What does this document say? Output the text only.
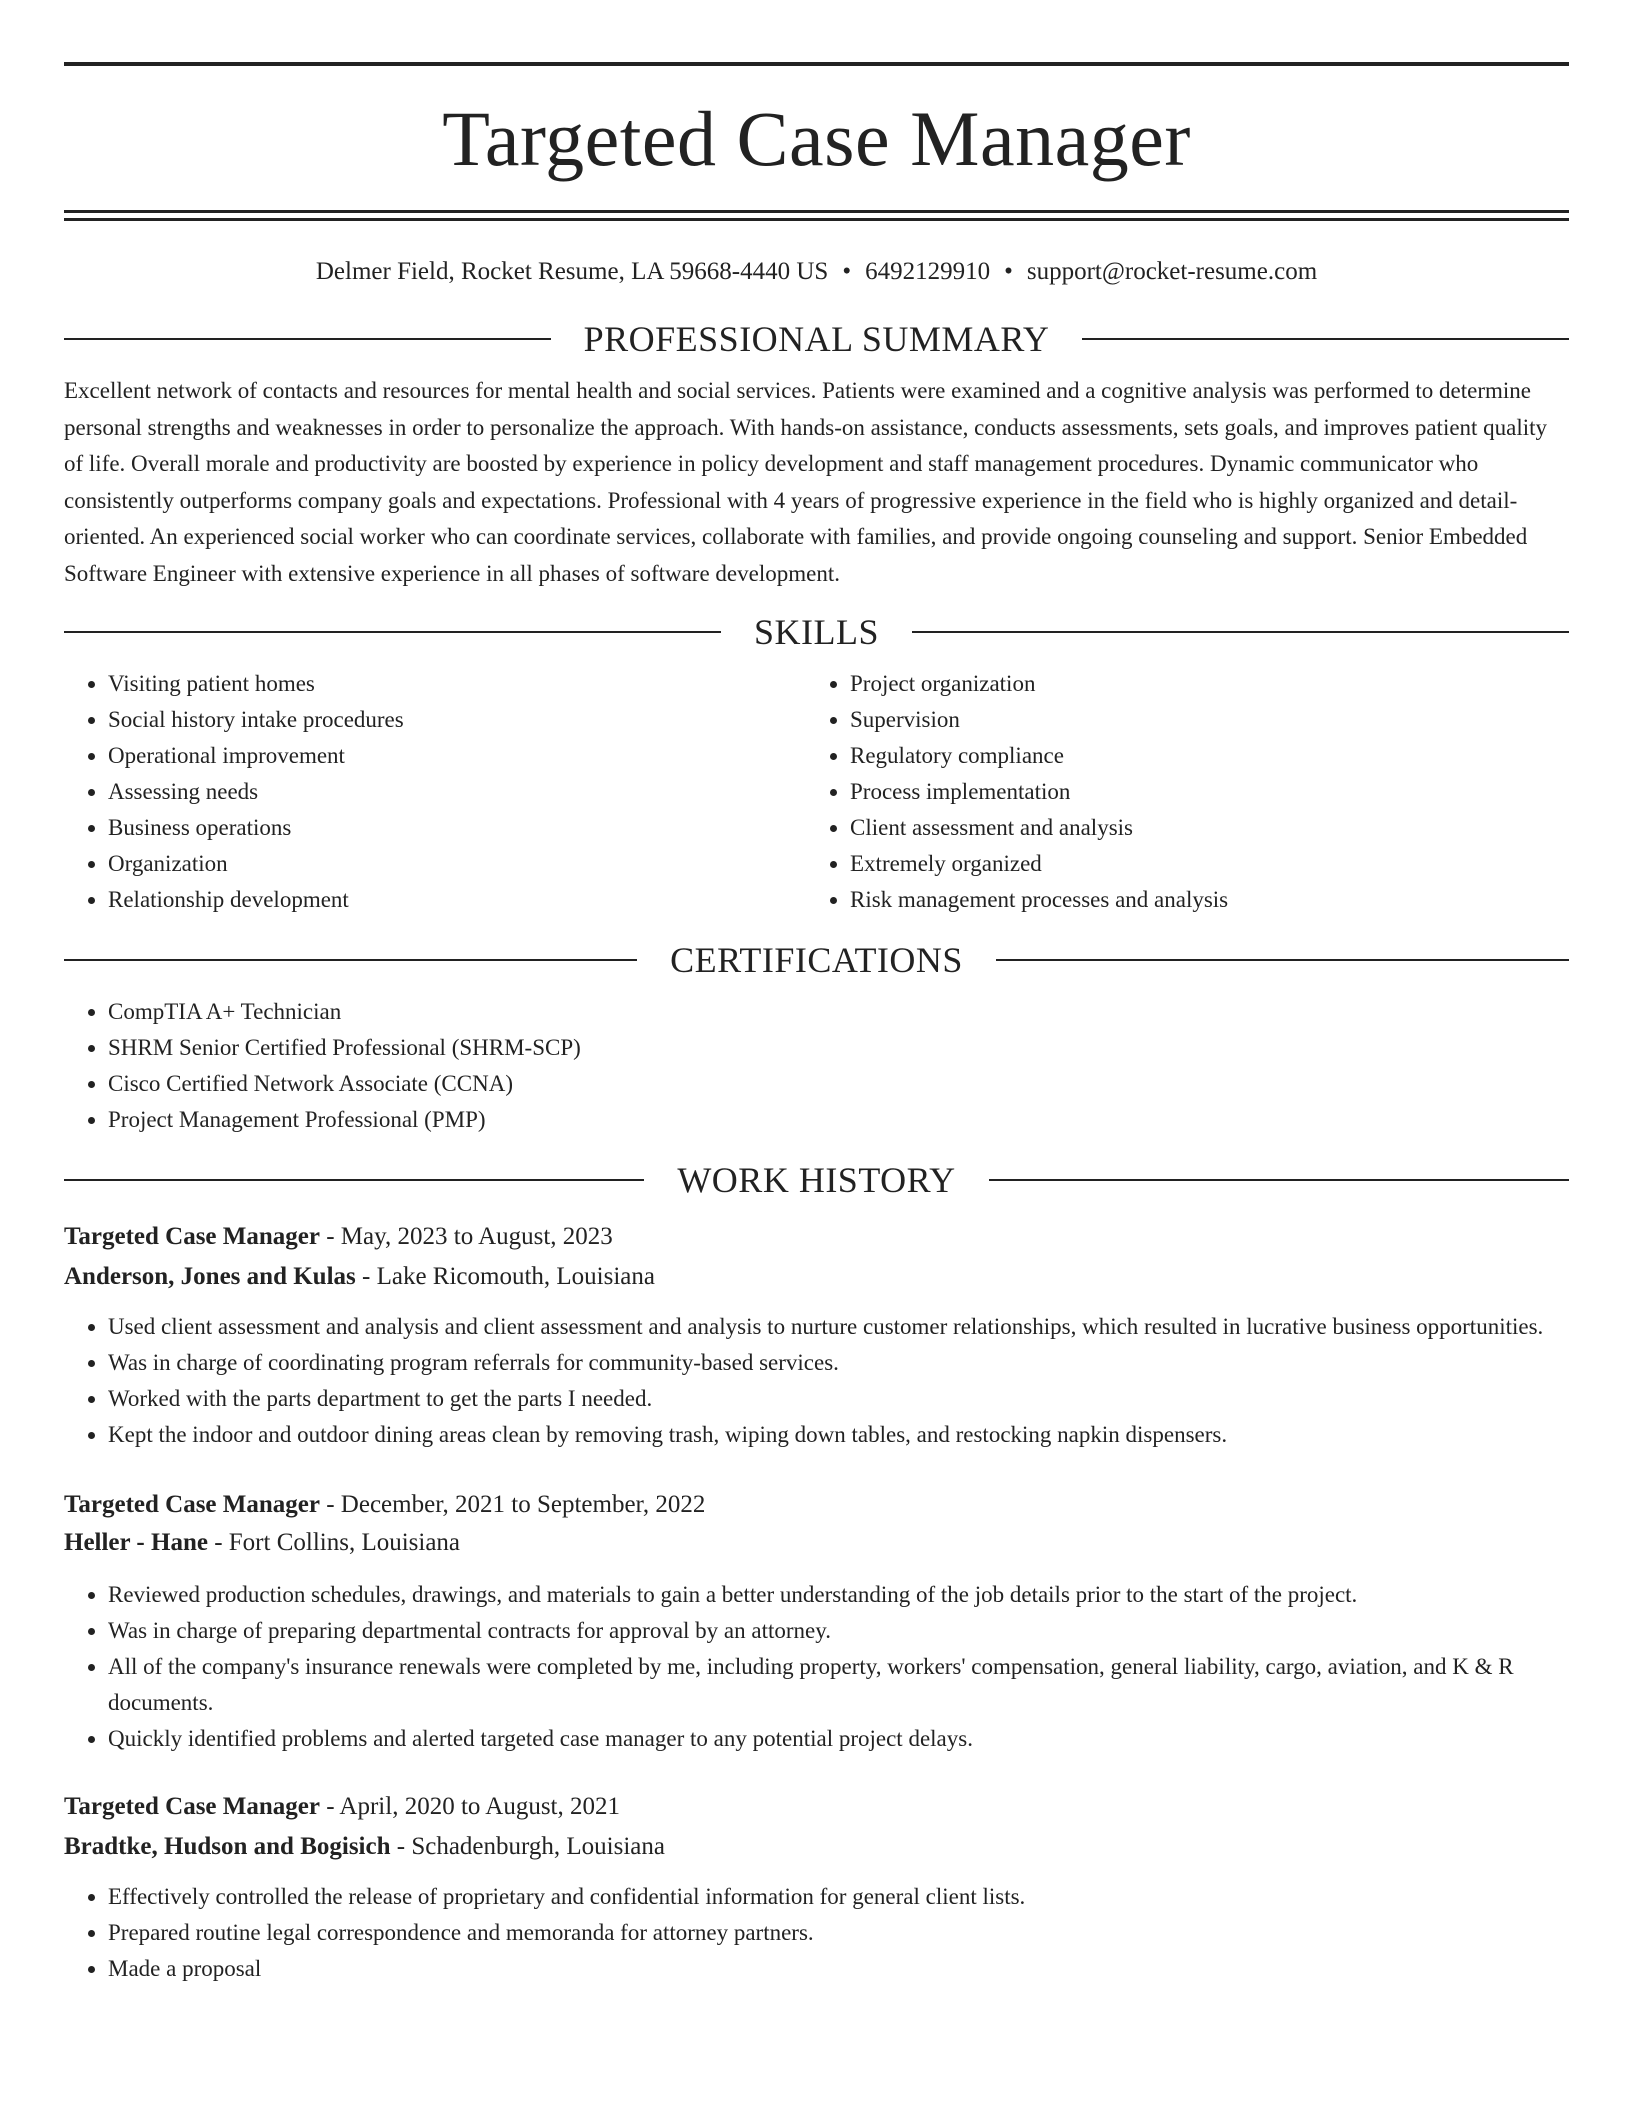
Targeted Case Manager
Delmer Field, Rocket Resume, LA 59668-4440 US • 6492129910 • support@rocket-resume.com
PROFESSIONAL SUMMARY

Excellent network of contacts and resources for mental health and social services. Patients were examined and a cognitive analysis was performed to determine personal strengths and weaknesses in order to personalize the approach. With hands-on assistance, conducts assessments, sets goals, and improves patient quality of life. Overall morale and productivity are boosted by experience in policy development and staff management procedures. Dynamic communicator who consistently outperforms company goals and expectations. Professional with 4 years of progressive experience in the field who is highly organized and detail-oriented. An experienced social worker who can coordinate services, collaborate with families, and provide ongoing counseling and support. Senior Embedded Software Engineer with extensive experience in all phases of software development.

SKILLS
• Visiting patient homes
• Social history intake procedures
• Operational improvement
• Assessing needs
• Business operations
• Organization
• Relationship development
• Project organization
• Supervision
• Regulatory compliance
• Process implementation
• Client assessment and analysis
• Extremely organized
• Risk management processes and analysis
CERTIFICATIONS
• CompTIA A+ Technician
• SHRM Senior Certified Professional (SHRM-SCP)
• Cisco Certified Network Associate (CCNA)
• Project Management Professional (PMP)
WORK HISTORY
Targeted Case Manager - May, 2023 to August, 2023
Anderson, Jones and Kulas - Lake Ricomouth, Louisiana
• Used client assessment and analysis and client assessment and analysis to nurture customer relationships, which resulted in lucrative business opportunities.
• Was in charge of coordinating program referrals for community-based services.
• Worked with the parts department to get the parts I needed.
• Kept the indoor and outdoor dining areas clean by removing trash, wiping down tables, and restocking napkin dispensers.
Targeted Case Manager - December, 2021 to September, 2022
Heller - Hane - Fort Collins, Louisiana
• Reviewed production schedules, drawings, and materials to gain a better understanding of the job details prior to the start of the project.
• Was in charge of preparing departmental contracts for approval by an attorney.
• All of the company's insurance renewals were completed by me, including property, workers' compensation, general liability, cargo, aviation, and K & R documents.
• Quickly identified problems and alerted targeted case manager to any potential project delays.
Targeted Case Manager - April, 2020 to August, 2021
Bradtke, Hudson and Bogisich - Schadenburgh, Louisiana
• Effectively controlled the release of proprietary and confidential information for general client lists.
• Prepared routine legal correspondence and memoranda for attorney partners.
• Made a proposal
